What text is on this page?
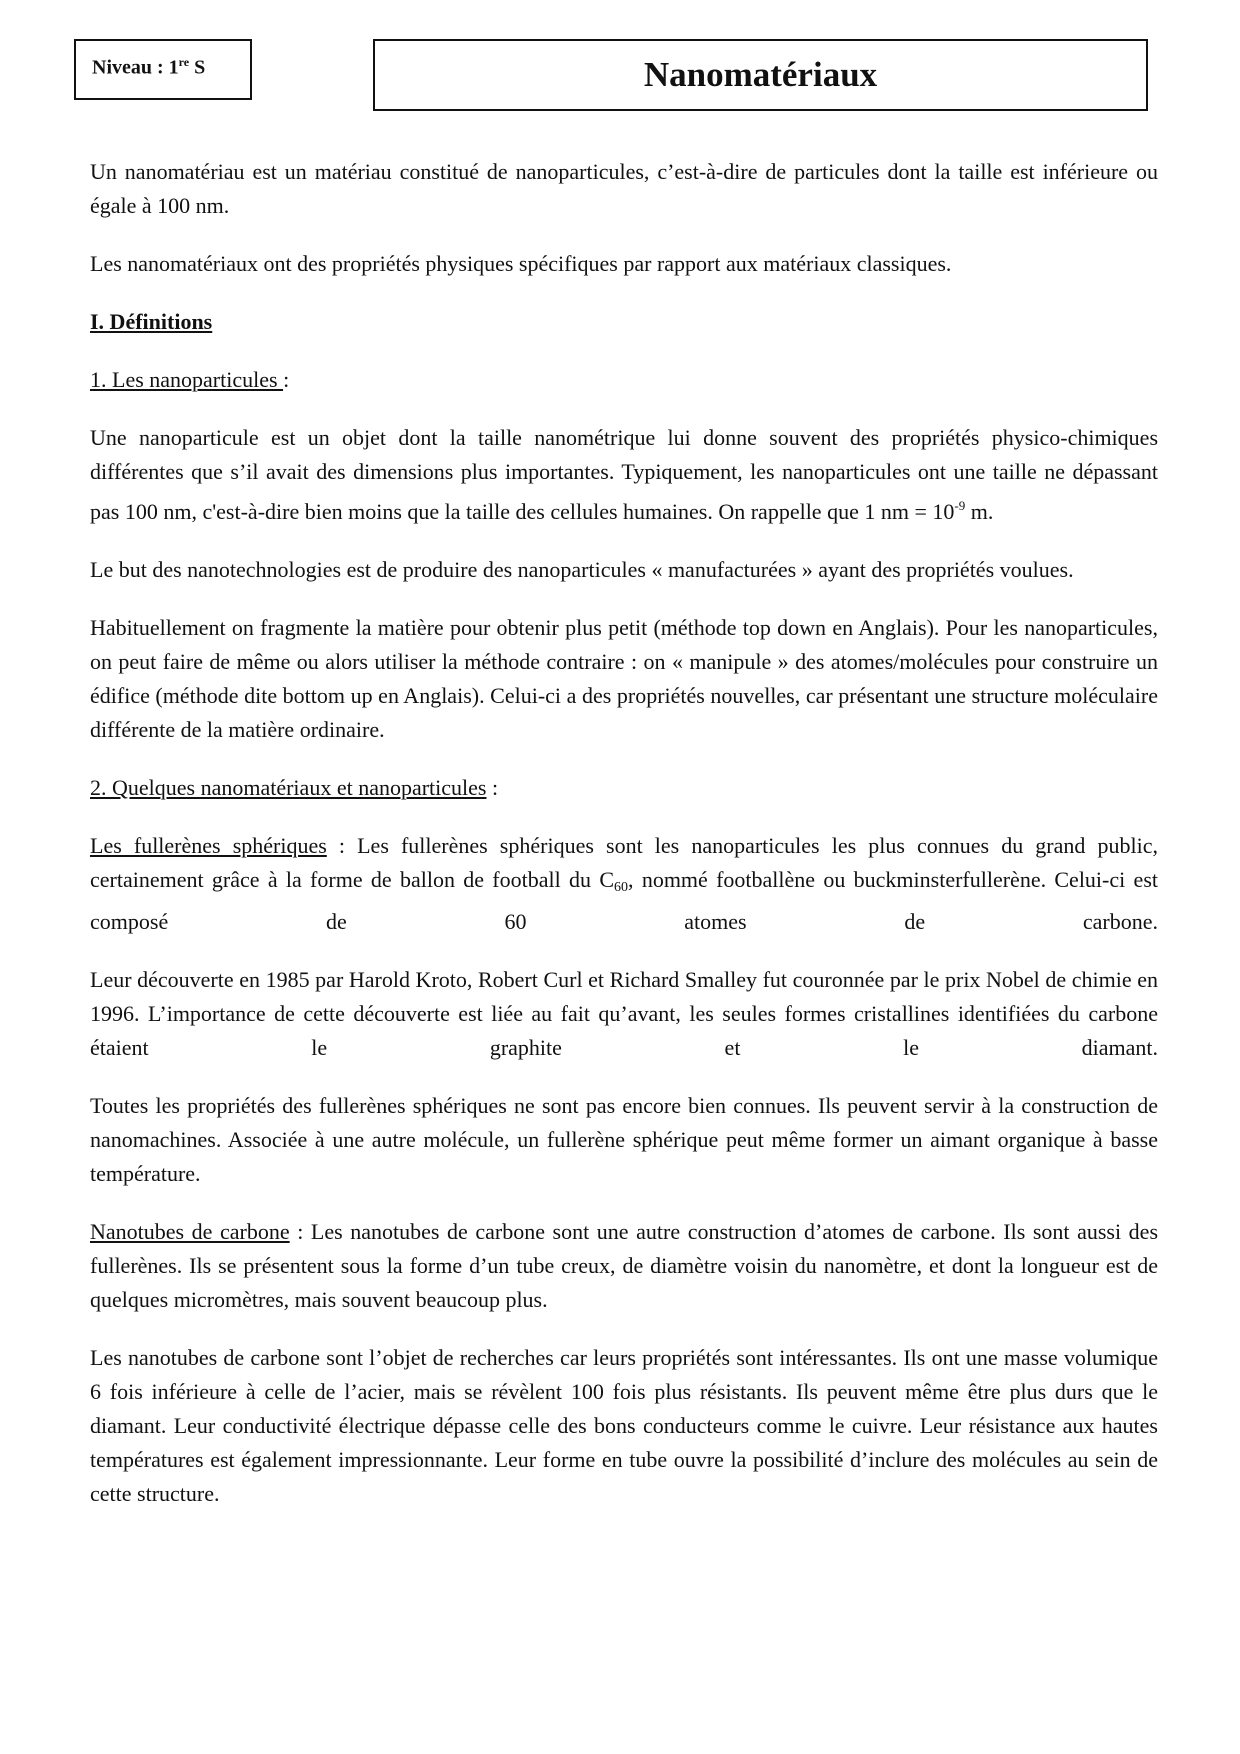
Niveau : 1re S	Nanomatériaux

Un nanomatériau est un matériau constitué de nanoparticules, c’est-à-dire de particules dont la taille est inférieure ou égale à 100 nm.

Les nanomatériaux ont des propriétés physiques spécifiques par rapport aux matériaux classiques.

I. Définitions
1. Les nanoparticules :

Une nanoparticule est un objet dont la taille nanométrique lui donne souvent des propriétés physico-chimiques différentes que s’il avait des dimensions plus importantes. Typiquement, les nanoparticules ont une taille ne dépassant pas 100 nm, c'est-à-dire bien moins que la taille des cellules humaines. On rappelle que 1 nm = $10^{-9}$ m.

Le but des nanotechnologies est de produire des nanoparticules « manufacturées » ayant des propriétés voulues.

Habituellement on fragmente la matière pour obtenir plus petit (méthode top down en Anglais). Pour les nanoparticules, on peut faire de même ou alors utiliser la méthode contraire : on « manipule » des atomes/molécules pour construire un édifice (méthode dite bottom up en Anglais). Celui-ci a des propriétés nouvelles, car présentant une structure moléculaire différente de la matière ordinaire.

2. Quelques nanomatériaux et nanoparticules :

Les fullerènes sphériques : Les fullerènes sphériques sont les nanoparticules les plus connues du grand public, certainement grâce à la forme de ballon de football du $C_{60}$, nommé footballène ou buckminsterfullerène. Celui-ci est composé de 60 atomes de carbone.

Leur découverte en 1985 par Harold Kroto, Robert Curl et Richard Smalley fut couronnée par le prix Nobel de chimie en 1996. L’importance de cette découverte est liée au fait qu’avant, les seules formes cristallines identifiées du carbone étaient le graphite et le diamant.

Toutes les propriétés des fullerènes sphériques ne sont pas encore bien connues. Ils peuvent servir à la construction de nanomachines. Associée à une autre molécule, un fullerène sphérique peut même former un aimant organique à basse température.

Nanotubes de carbone : Les nanotubes de carbone sont une autre construction d’atomes de carbone. Ils sont aussi des fullerènes. Ils se présentent sous la forme d’un tube creux, de diamètre voisin du nanomètre, et dont la longueur est de quelques micromètres, mais souvent beaucoup plus.

Les nanotubes de carbone sont l’objet de recherches car leurs propriétés sont intéressantes. Ils ont une masse volumique 6 fois inférieure à celle de l’acier, mais se révèlent 100 fois plus résistants. Ils peuvent même être plus durs que le diamant. Leur conductivité électrique dépasse celle des bons conducteurs comme le cuivre. Leur résistance aux hautes températures est également impressionnante. Leur forme en tube ouvre la possibilité d’inclure des molécules au sein de cette structure.
